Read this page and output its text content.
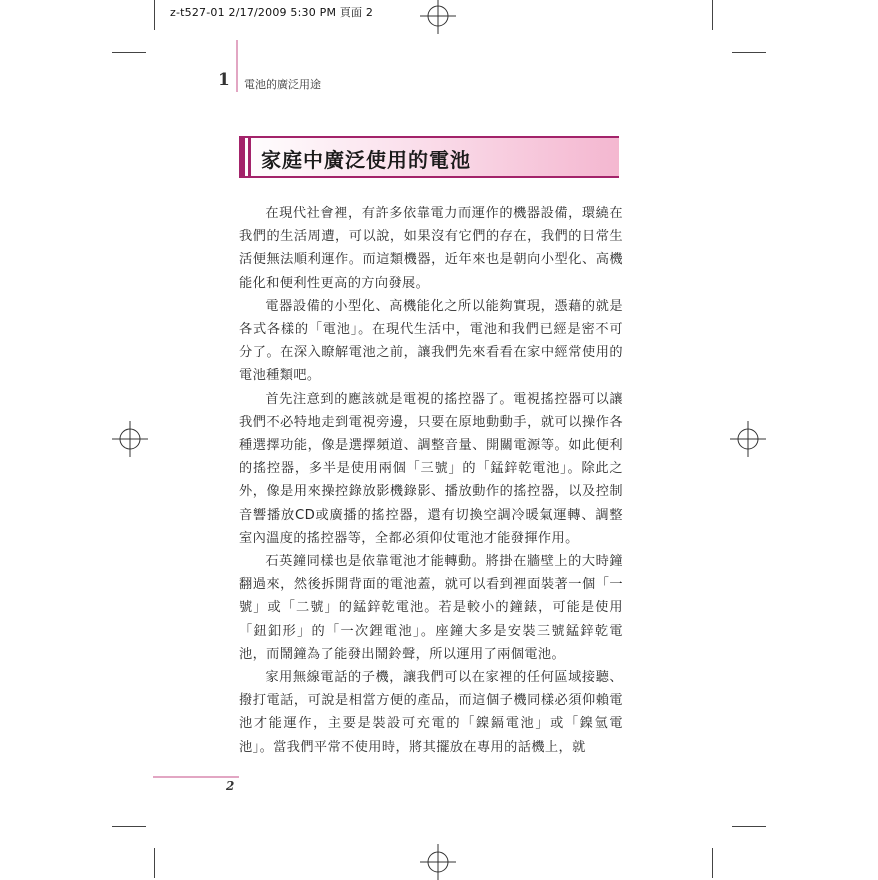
z-t527-01 2/17/2009 5:30 PM 頁面 2
1 電池的廣泛用途
家庭中廣泛使用的電池

在現代社會裡，有許多依靠電力而運作的機器設備，環繞在我們的生活周遭，可以說，如果沒有它們的存在，我們的日常生活便無法順利運作。而這類機器，近年來也是朝向小型化、高機能化和便利性更高的方向發展。

電器設備的小型化、高機能化之所以能夠實現，憑藉的就是各式各樣的「電池」。在現代生活中，電池和我們已經是密不可分了。在深入瞭解電池之前，讓我們先來看看在家中經常使用的電池種類吧。

首先注意到的應該就是電視的搖控器了。電視搖控器可以讓我們不必特地走到電視旁邊，只要在原地動動手，就可以操作各種選擇功能，像是選擇頻道、調整音量、開關電源等。如此便利的搖控器，多半是使用兩個「三號」的「錳鋅乾電池」。除此之外，像是用來操控錄放影機錄影、播放動作的搖控器，以及控制音響播放CD或廣播的搖控器，還有切換空調冷暖氣運轉、調整室內溫度的搖控器等，全都必須仰仗電池才能發揮作用。

石英鐘同樣也是依靠電池才能轉動。將掛在牆壁上的大時鐘翻過來，然後拆開背面的電池蓋，就可以看到裡面裝著一個「一號」或「二號」的錳鋅乾電池。若是較小的鐘錶，可能是使用「鈕釦形」的「一次鋰電池」。座鐘大多是安裝三號錳鋅乾電池，而鬧鐘為了能發出鬧鈴聲，所以運用了兩個電池。

家用無線電話的子機，讓我們可以在家裡的任何區域接聽、撥打電話，可說是相當方便的產品，而這個子機同樣必須仰賴電池才能運作，主要是裝設可充電的「鎳鎘電池」或「鎳氫電池」。當我們平常不使用時，將其擺放在專用的話機上，就

2
